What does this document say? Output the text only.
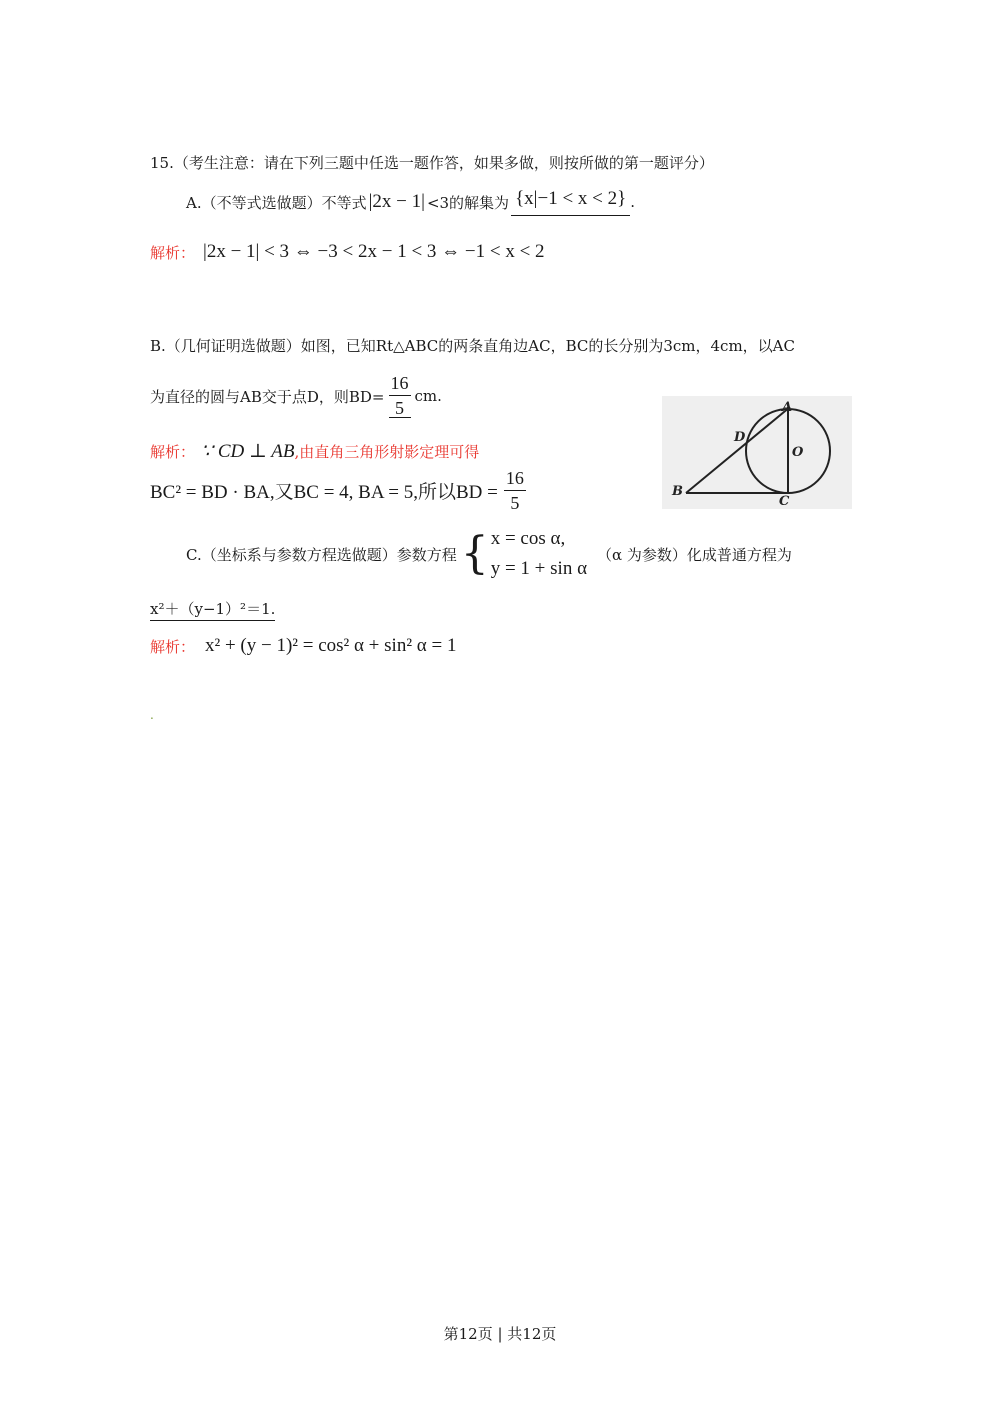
15.（考生注意：请在下列三题中任选一题作答，如果多做，则按所做的第一题评分）
A.（不等式选做题）不等式 |2x − 1| <3的解集为 {x|−1 < x < 2} .
解析： |2x − 1| < 3 ⇔ −3 < 2x − 1 < 3 ⇔ −1 < x < 2
B.（几何证明选做题）如图，已知Rt△ABC的两条直角边AC，BC的长分别为3cm，4cm，以AC
为直径的圆与AB交于点D，则$BD= \frac{16}{5}$ cm.
A
B
C
D
O
解析： ∵ CD ⊥ AB ,由直角三角形射影定理可得
BC² = BD · BA,又BC = 4, BA = 5,所以BD = $\frac{16}{5}$
C.（坐标系与参数方程选做题）参数方程 { x = cos α,
y = 1 + sin α
（α 为参数）化成普通方程为
x²＋（y−1）²＝1.
解析： x² + (y − 1)² = cos² α + sin² α = 1
.
第12页 | 共12页
